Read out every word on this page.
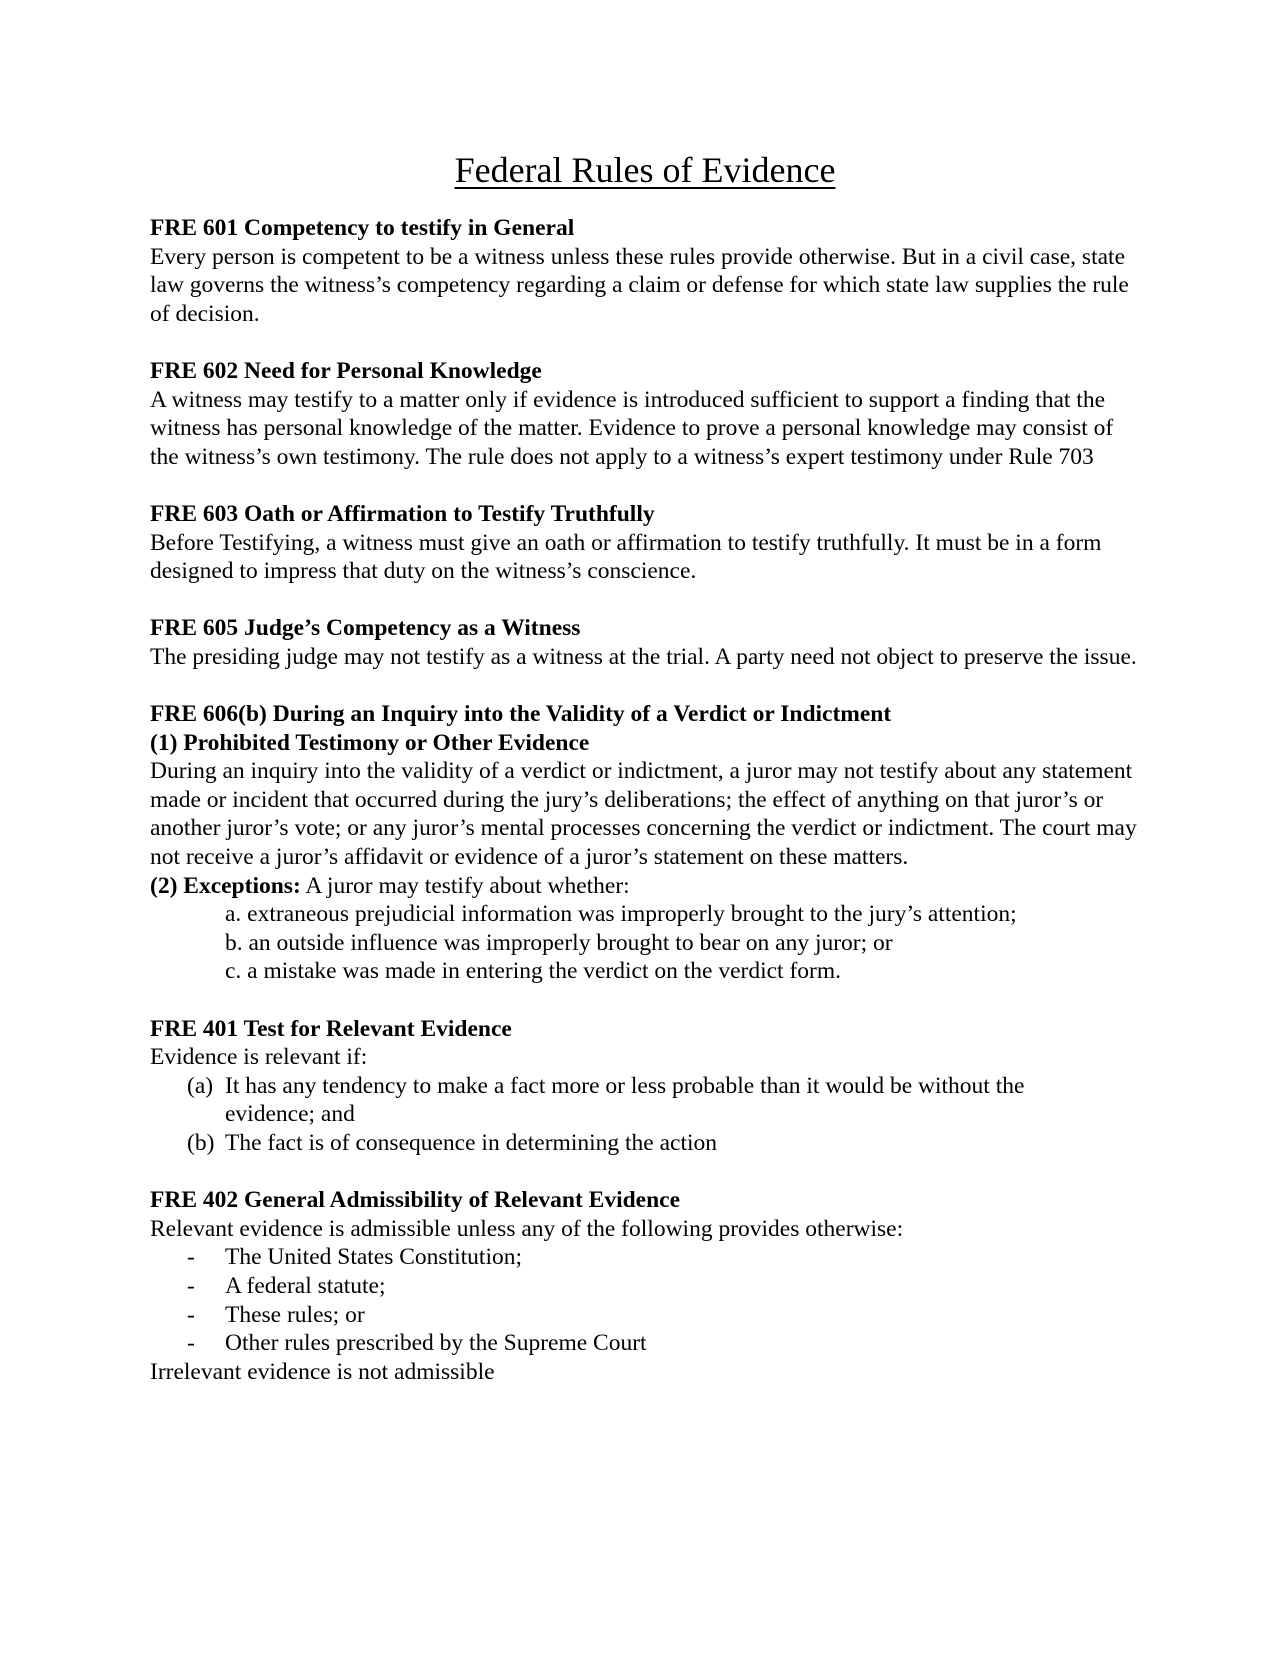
Federal Rules of Evidence

FRE 601 Competency to testify in General

Every person is competent to be a witness unless these rules provide otherwise. But in a civil case, state law governs the witness’s competency regarding a claim or defense for which state law supplies the rule of decision.

FRE 602 Need for Personal Knowledge

A witness may testify to a matter only if evidence is introduced sufficient to support a finding that the witness has personal knowledge of the matter. Evidence to prove a personal knowledge may consist of the witness’s own testimony. The rule does not apply to a witness’s expert testimony under Rule 703

FRE 603 Oath or Affirmation to Testify Truthfully

Before Testifying, a witness must give an oath or affirmation to testify truthfully. It must be in a form designed to impress that duty on the witness’s conscience.

FRE 605 Judge’s Competency as a Witness

The presiding judge may not testify as a witness at the trial. A party need not object to preserve the issue.

FRE 606(b) During an Inquiry into the Validity of a Verdict or Indictment

(1) Prohibited Testimony or Other Evidence

During an inquiry into the validity of a verdict or indictment, a juror may not testify about any statement made or incident that occurred during the jury’s deliberations; the effect of anything on that juror’s or another juror’s vote; or any juror’s mental processes concerning the verdict or indictment. The court may not receive a juror’s affidavit or evidence of a juror’s statement on these matters.

(2) Exceptions: A juror may testify about whether:

a. extraneous prejudicial information was improperly brought to the jury’s attention;
b. an outside influence was improperly brought to bear on any juror; or
c. a mistake was made in entering the verdict on the verdict form.

FRE 401 Test for Relevant Evidence

Evidence is relevant if:

(a) It has any tendency to make a fact more or less probable than it would be without the evidence; and
(b) The fact is of consequence in determining the action

FRE 402 General Admissibility of Relevant Evidence

Relevant evidence is admissible unless any of the following provides otherwise:

-	The United States Constitution;
-	A federal statute;
-	These rules; or
-	Other rules prescribed by the Supreme Court

Irrelevant evidence is not admissible
